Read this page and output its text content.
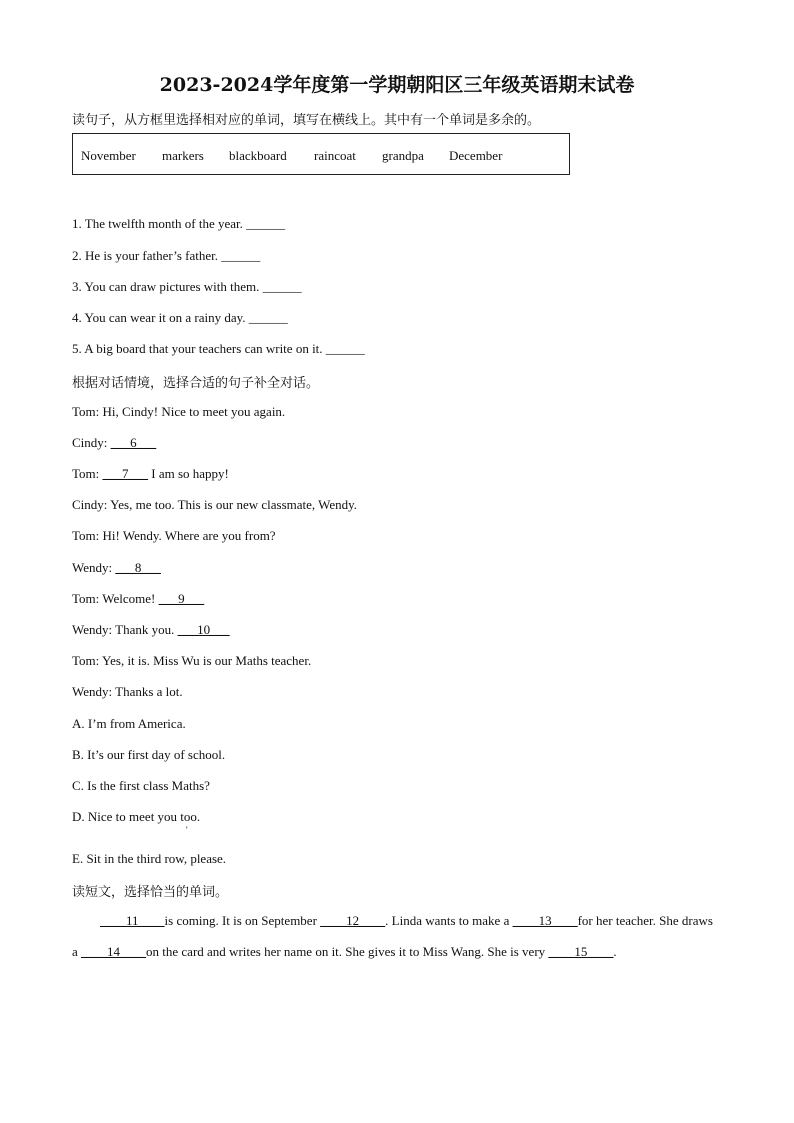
2023-2024学年度第一学期朝阳区三年级英语期末试卷
读句子，从方框里选择相对应的单词，填写在横线上。其中有一个单词是多余的。
November markers blackboard raincoat grandpa December
1. The twelfth month of the year. ______
2. He is your father’s father. ______
3. You can draw pictures with them. ______
4. You can wear it on a rainy day. ______
5. A big board that your teachers can write on it. ______
根据对话情境，选择合适的句子补全对话。
Tom: Hi, Cindy! Nice to meet you again.
Cindy: ___6___
Tom: ___7___ I am so happy!
Cindy: Yes, me too. This is our new classmate, Wendy.
Tom: Hi! Wendy. Where are you from?
Wendy: ___8___
Tom: Welcome! ___9___
Wendy: Thank you. ___10___
Tom: Yes, it is. Miss Wu is our Maths teacher.
Wendy: Thanks a lot.
A. I’m from America.
B. It’s our first day of school.
C. Is the first class Maths?
D. Nice to meet you too.
'
E. Sit in the third row, please.
读短文，选择恰当的单词。
____11____is coming. It is on September ____12____. Linda wants to make a ____13____for her teacher. She draws
a ____14____on the card and writes her name on it. She gives it to Miss Wang. She is very ____15____.
